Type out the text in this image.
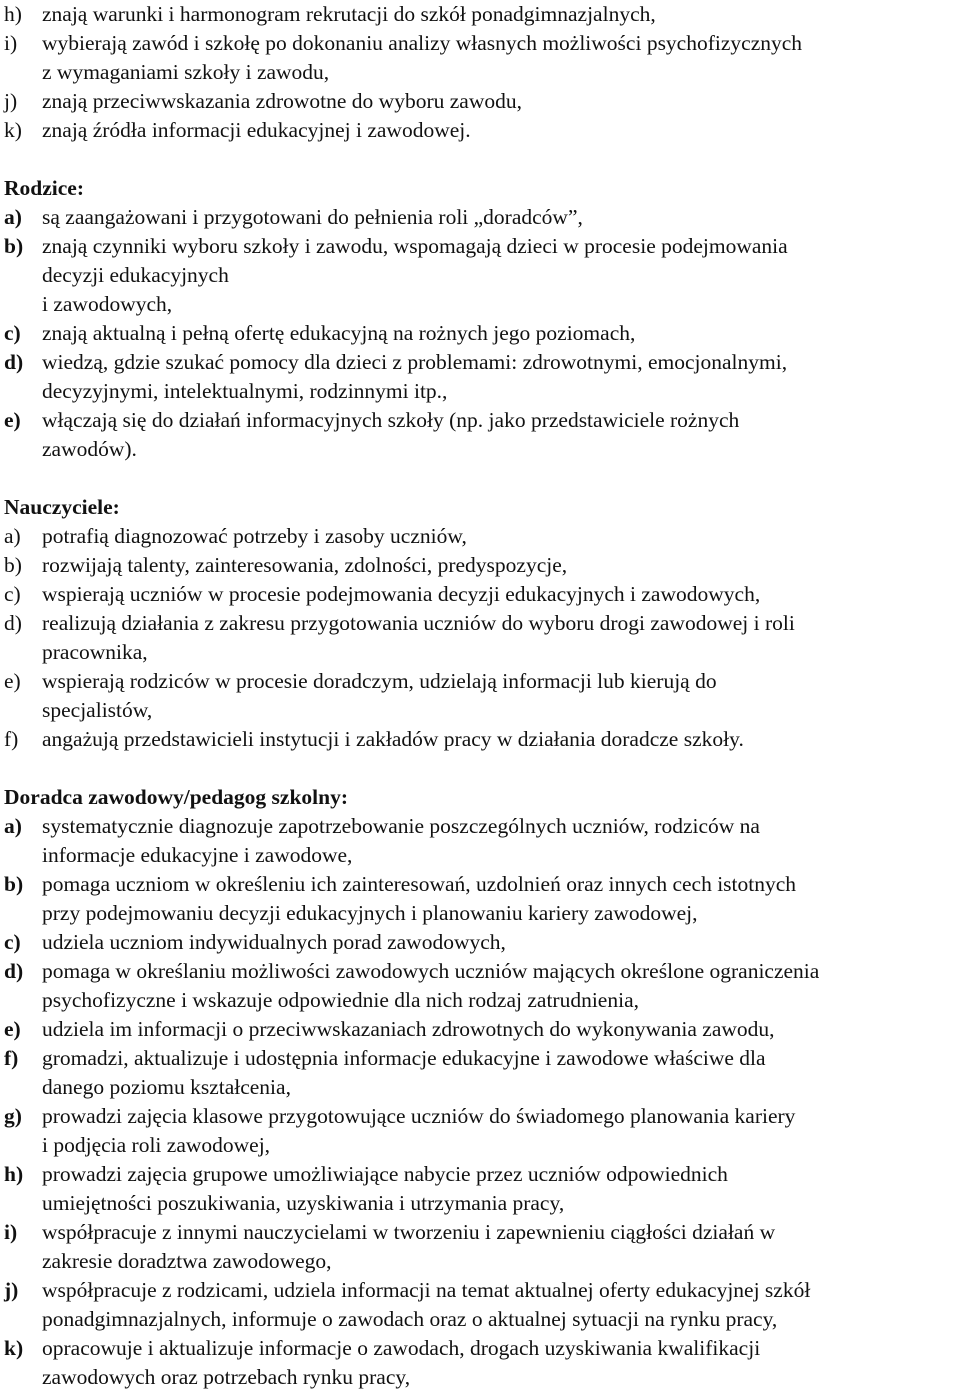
h) znają warunki i harmonogram rekrutacji do szkół ponadgimnazjalnych,
i)	wybierają zawód i szkołę po dokonaniu analizy własnych możliwości psychofizycznych
z wymaganiami szkoły i zawodu,
j)	znają przeciwwskazania zdrowotne do wyboru zawodu,
k) znają źródła informacji edukacyjnej i zawodowej.
Rodzice:
a) są zaangażowani i przygotowani do pełnienia roli „doradców”,
b) znają czynniki wyboru szkoły i zawodu, wspomagają dzieci w procesie podejmowania
decyzji edukacyjnych
i zawodowych,
c) znają aktualną i pełną ofertę edukacyjną na rożnych jego poziomach,
d) wiedzą, gdzie szukać pomocy dla dzieci z problemami: zdrowotnymi, emocjonalnymi,
decyzyjnymi, intelektualnymi, rodzinnymi itp.,
e) włączają się do działań informacyjnych szkoły (np. jako przedstawiciele rożnych
zawodów).
Nauczyciele:
a) potrafią diagnozować potrzeby i zasoby uczniów,
b) rozwijają talenty, zainteresowania, zdolności, predyspozycje,
c) wspierają uczniów w procesie podejmowania decyzji edukacyjnych i zawodowych,
d) realizują działania z zakresu przygotowania uczniów do wyboru drogi zawodowej i roli
pracownika,
e) wspierają rodziców w procesie doradczym, udzielają informacji lub kierują do
specjalistów,
f)	angażują przedstawicieli instytucji i zakładów pracy w działania doradcze szkoły.
Doradca zawodowy/pedagog szkolny:
a) systematycznie diagnozuje zapotrzebowanie poszczególnych uczniów, rodziców na
informacje edukacyjne i zawodowe,
b) pomaga uczniom w określeniu ich zainteresowań, uzdolnień oraz innych cech istotnych
przy podejmowaniu decyzji edukacyjnych i planowaniu kariery zawodowej,
c) udziela uczniom indywidualnych porad zawodowych,
d) pomaga w określaniu możliwości zawodowych uczniów mających określone ograniczenia
psychofizyczne i wskazuje odpowiednie dla nich rodzaj zatrudnienia,
e) udziela im informacji o przeciwwskazaniach zdrowotnych do wykonywania zawodu,
f)	gromadzi, aktualizuje i udostępnia informacje edukacyjne i zawodowe właściwe dla
danego poziomu kształcenia,
g) prowadzi zajęcia klasowe przygotowujące uczniów do świadomego planowania kariery
i podjęcia roli zawodowej,
h) prowadzi zajęcia grupowe umożliwiające nabycie przez uczniów odpowiednich
umiejętności poszukiwania, uzyskiwania i utrzymania pracy,
i)	współpracuje z innymi nauczycielami w tworzeniu i zapewnieniu ciągłości działań w
zakresie doradztwa zawodowego,
j)	współpracuje z rodzicami, udziela informacji na temat aktualnej oferty edukacyjnej szkół
ponadgimnazjalnych, informuje o zawodach oraz o aktualnej sytuacji na rynku pracy,
k) opracowuje i aktualizuje informacje o zawodach, drogach uzyskiwania kwalifikacji
zawodowych oraz potrzebach rynku pracy,
